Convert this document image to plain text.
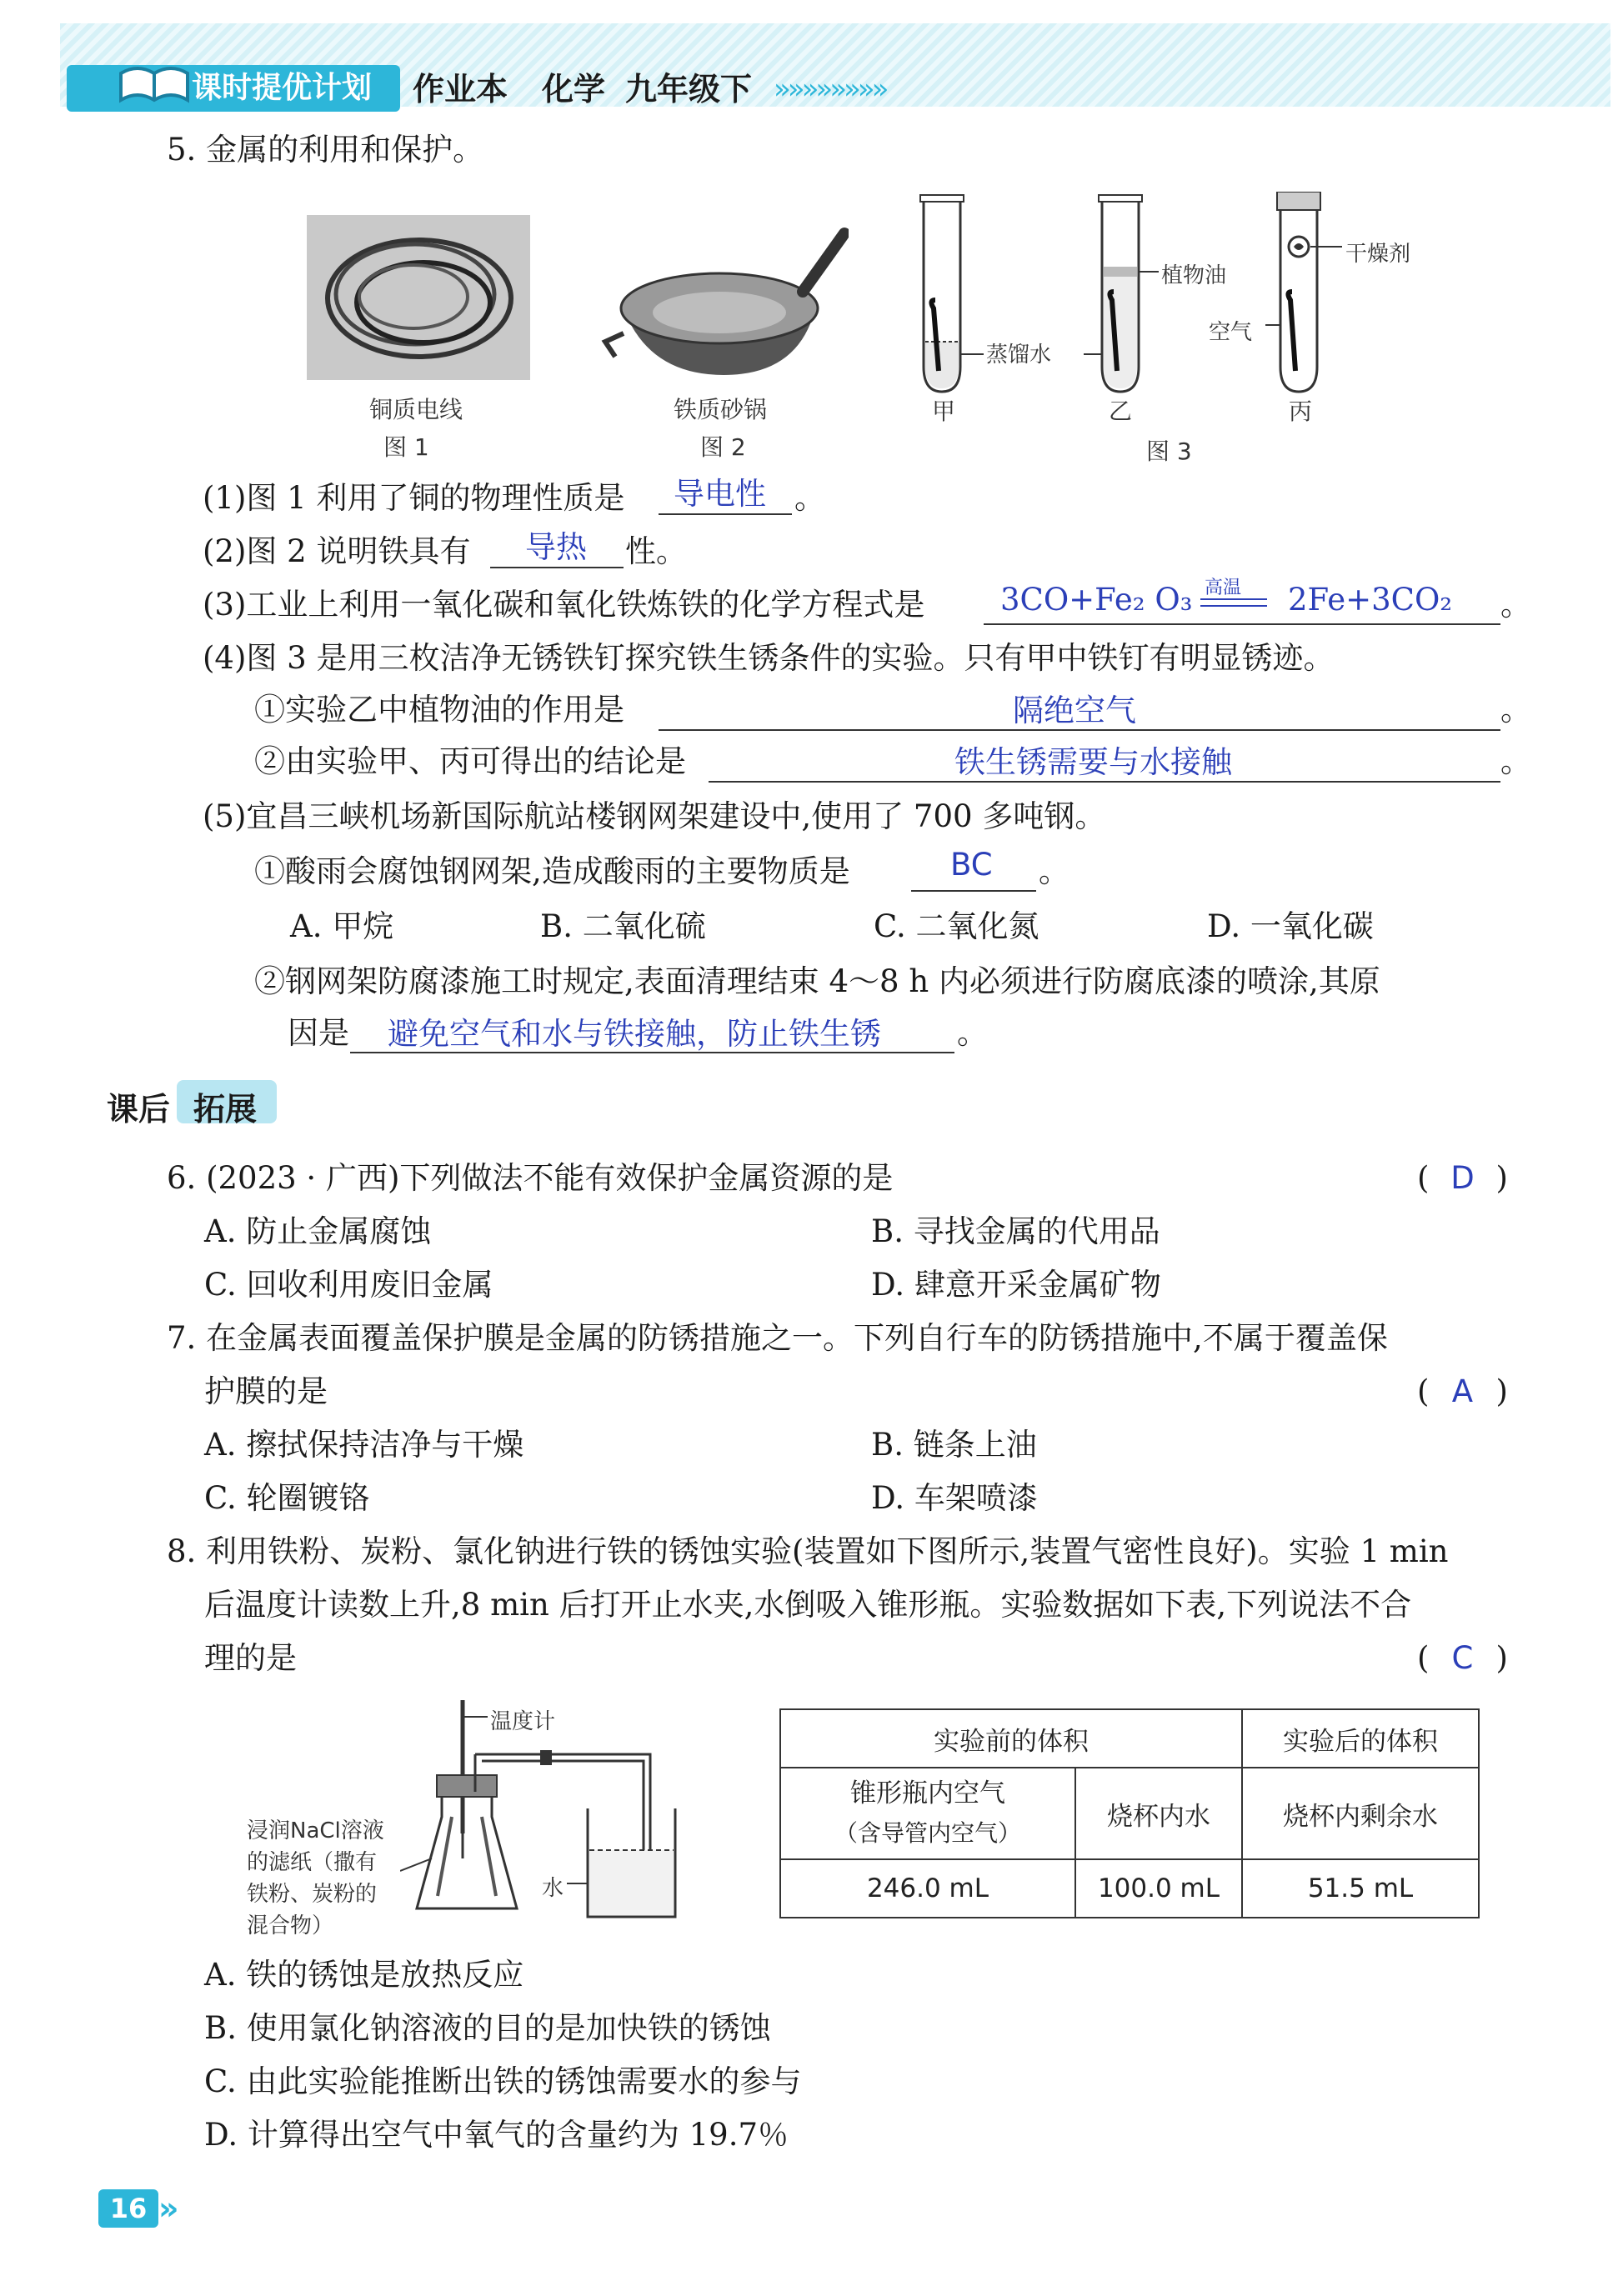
课时提优计划	作业本 化学 九年级下 »»»»»»»»
5. 金属的利用和保护。
铜质电线
图 1
铁质砂锅
图 2
蒸馏水
植物油
干燥剂
空气
甲	乙	丙
图 3
(1)图 1 利用了铜的物理性质是 导电性 。
(2)图 2 说明铁具有 导热 性。
(3)工业上利用一氧化碳和氧化铁炼铁的化学方程式是 3CO+Fe₂ O₃ 高温 2Fe+3CO₂ 。
(4)图 3 是用三枚洁净无锈铁钉探究铁生锈条件的实验。只有甲中铁钉有明显锈迹。
①实验乙中植物油的作用是	隔绝空气	。
②由实验甲、丙可得出的结论是	铁生锈需要与水接触	。
(5)宜昌三峡机场新国际航站楼钢网架建设中,使用了 700 多吨钢。
①酸雨会腐蚀钢网架,造成酸雨的主要物质是	BC 。
A. 甲烷	B. 二氧化硫	C. 二氧化氮	D. 一氧化碳
②钢网架防腐漆施工时规定,表面清理结束 4～8 h 内必须进行防腐底漆的喷涂,其原
因是 避免空气和水与铁接触，防止铁生锈 。
课后 拓展
6. (2023 · 广西)下列做法不能有效保护金属资源的是	( D )
A. 防止金属腐蚀	B. 寻找金属的代用品
C. 回收利用废旧金属	D. 肆意开采金属矿物
7. 在金属表面覆盖保护膜是金属的防锈措施之一。下列自行车的防锈措施中,不属于覆盖保
护膜的是	( A )
A. 擦拭保持洁净与干燥	B. 链条上油
C. 轮圈镀铬	D. 车架喷漆
8. 利用铁粉、炭粉、氯化钠进行铁的锈蚀实验(装置如下图所示,装置气密性良好)。实验 1 min
后温度计读数上升,8 min 后打开止水夹,水倒吸入锥形瓶。实验数据如下表,下列说法不合
理的是	( C )
温度计
浸润NaCl溶液
的滤纸（撒有
铁粉、炭粉的
混合物）
水
实验前的体积		实验后的体积

锥形瓶内空气
（含导管内空气）	烧杯内水	烧杯内剩余水
246.0 mL	100.0 mL	51.5 mL
A. 铁的锈蚀是放热反应
B. 使用氯化钠溶液的目的是加快铁的锈蚀
C. 由此实验能推断出铁的锈蚀需要水的参与
D. 计算得出空气中氧气的含量约为 19.7％
16 »
